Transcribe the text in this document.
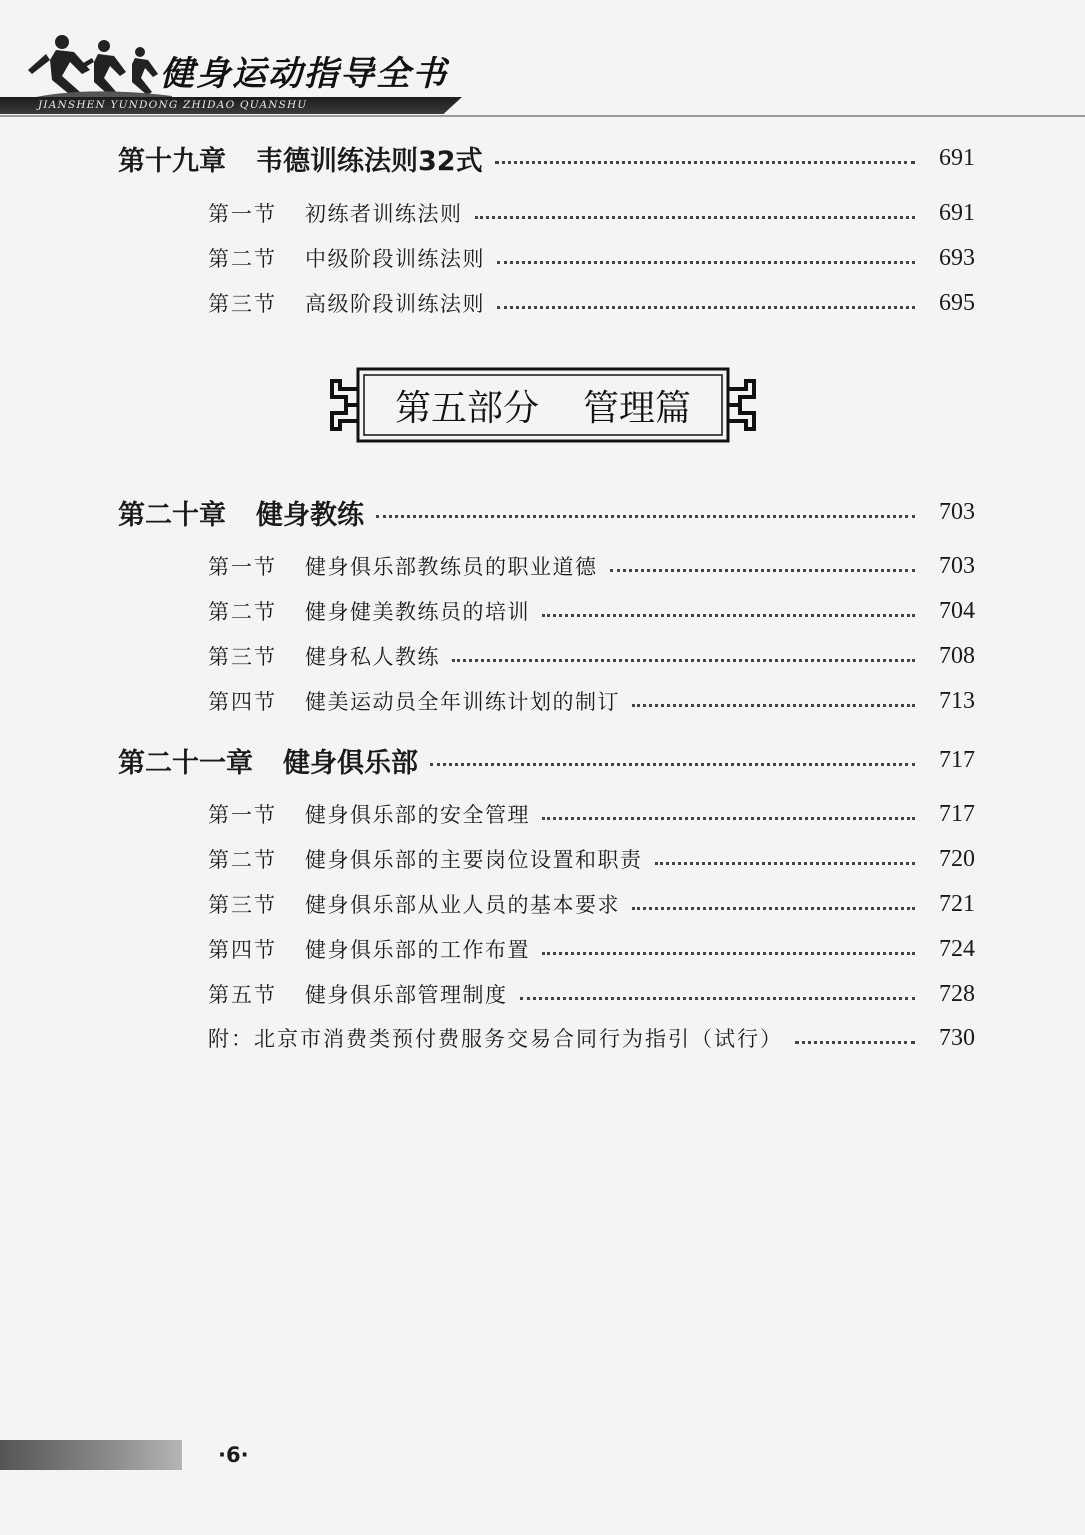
健身运动指导全书
JIANSHEN YUNDONG ZHIDAO QUANSHU
第十九章 韦德训练法则32式	691
第一节 初练者训练法则	691
第二节 中级阶段训练法则	693
第三节 高级阶段训练法则	695
第五部分 管理篇
第二十章 健身教练	703
第一节 健身俱乐部教练员的职业道德	703
第二节 健身健美教练员的培训	704
第三节 健身私人教练	708
第四节 健美运动员全年训练计划的制订	713
第二十一章 健身俱乐部	717
第一节 健身俱乐部的安全管理	717
第二节 健身俱乐部的主要岗位设置和职责	720
第三节 健身俱乐部从业人员的基本要求	721
第四节 健身俱乐部的工作布置	724
第五节 健身俱乐部管理制度	728
附：北京市消费类预付费服务交易合同行为指引（试行）	730
·6·
